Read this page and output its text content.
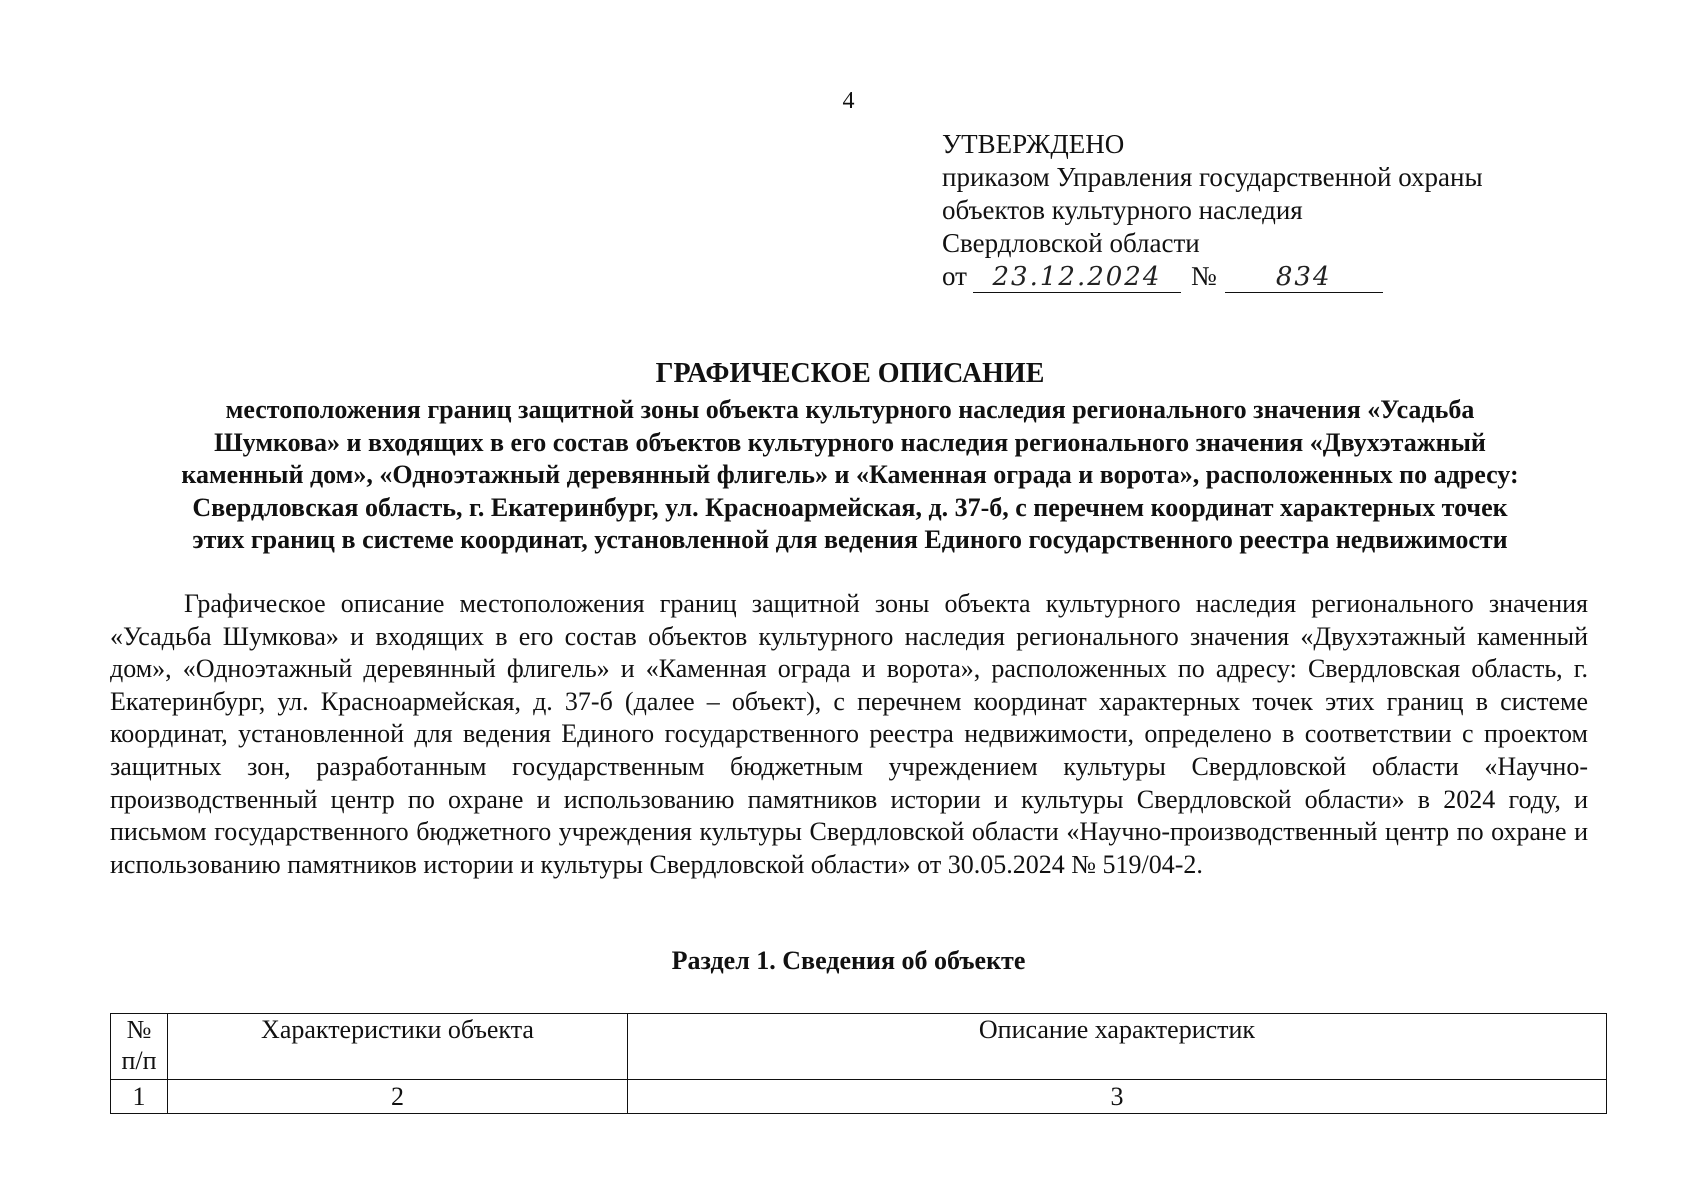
4
УТВЕРЖДЕНО
приказом Управления государственной охраны
объектов культурного наследия
Свердловской области
от 23.12.2024	№	834
ГРАФИЧЕСКОЕ ОПИСАНИЕ
местоположения границ защитной зоны объекта культурного наследия регионального значения «Усадьба
Шумкова» и входящих в его состав объектов культурного наследия регионального значения «Двухэтажный
каменный дом», «Одноэтажный деревянный флигель» и «Каменная ограда и ворота», расположенных по адресу:
Свердловская область, г. Екатеринбург, ул. Красноармейская, д. 37-б, с перечнем координат характерных точек
этих границ в системе координат, установленной для ведения Единого государственного реестра недвижимости

Графическое описание местоположения границ защитной зоны объекта культурного наследия регионального значения «Усадьба Шумкова» и входящих в его состав объектов культурного наследия регионального значения «Двухэтажный каменный дом», «Одноэтажный деревянный флигель» и «Каменная ограда и ворота», расположенных по адресу: Свердловская область, г. Екатеринбург, ул. Красноармейская, д. 37-б (далее – объект), с перечнем координат характерных точек этих границ в системе координат, установленной для ведения Единого государственного реестра недвижимости, определено в соответствии с проектом защитных зон, разработанным государственным бюджетным учреждением культуры Свердловской области «Научно-производственный центр по охране и использованию памятников истории и культуры Свердловской области» в 2024 году, и письмом государственного бюджетного учреждения культуры Свердловской области «Научно-производственный центр по охране и использованию памятников истории и культуры Свердловской области» от 30.05.2024 № 519/04-2.

Раздел 1. Сведения об объекте
№
п/п	Характеристики объекта	Описание характеристик
1	2	3
